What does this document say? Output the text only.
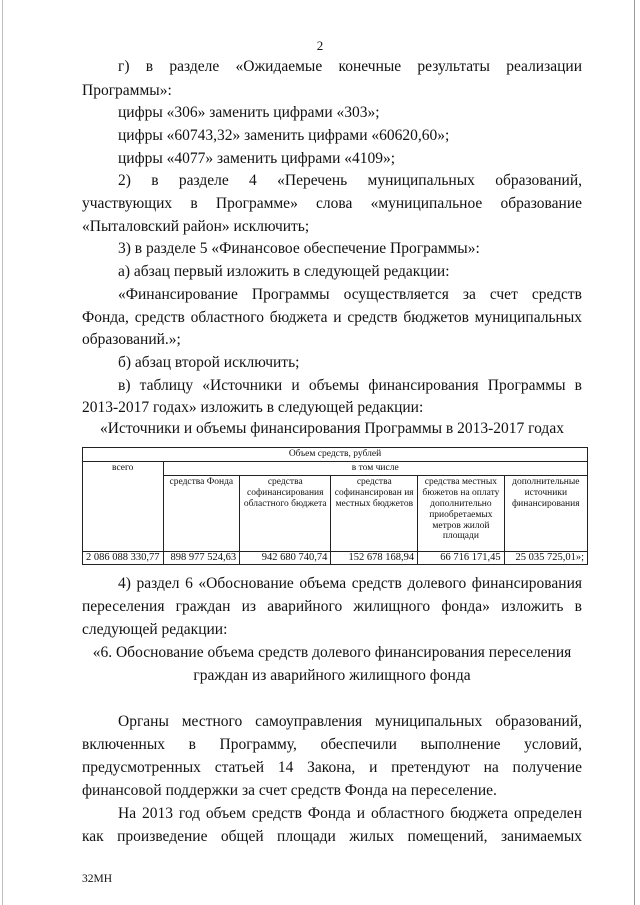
2
г) в разделе «Ожидаемые конечные результаты реализации
Программы»:
цифры «306» заменить цифрами «303»;
цифры «60743,32» заменить цифрами «60620,60»;
цифры «4077» заменить цифрами «4109»;
2) в разделе 4 «Перечень муниципальных образований,
участвующих в Программе» слова «муниципальное образование
«Пыталовский район» исключить;
3) в разделе 5 «Финансовое обеспечение Программы»:
а) абзац первый изложить в следующей редакции:
«Финансирование Программы осуществляется за счет средств
Фонда, средств областного бюджета и средств бюджетов муниципальных
образований.»;
б) абзац второй исключить;
в) таблицу «Источники и объемы финансирования Программы в
2013-2017 годах» изложить в следующей редакции:
«Источники и объемы финансирования Программы в 2013-2017 годах
Объем средств, рублей					
всего	в том числе				
	средства Фонда	средства софинансирования областного бюджета	средства софинансирован ия местных бюджетов	средства местных бюжетов на оплату дополнительно приобретаемых метров жилой площади	дополнительные источники финансирования
2 086 088 330,77	898 977 524,63	942 680 740,74	152 678 168,94	66 716 171,45	25 035 725,01»;
4) раздел 6 «Обоснование объема средств долевого финансирования
переселения граждан из аварийного жилищного фонда» изложить в
следующей редакции:
«6. Обоснование объема средств долевого финансирования переселения
граждан из аварийного жилищного фонда
Органы местного самоуправления муниципальных образований,
включенных в Программу, обеспечили выполнение условий,
предусмотренных статьей 14 Закона, и претендуют на получение
финансовой поддержки за счет средств Фонда на переселение.
На 2013 год объем средств Фонда и областного бюджета определен
как произведение общей площади жилых помещений, занимаемых
32МН
